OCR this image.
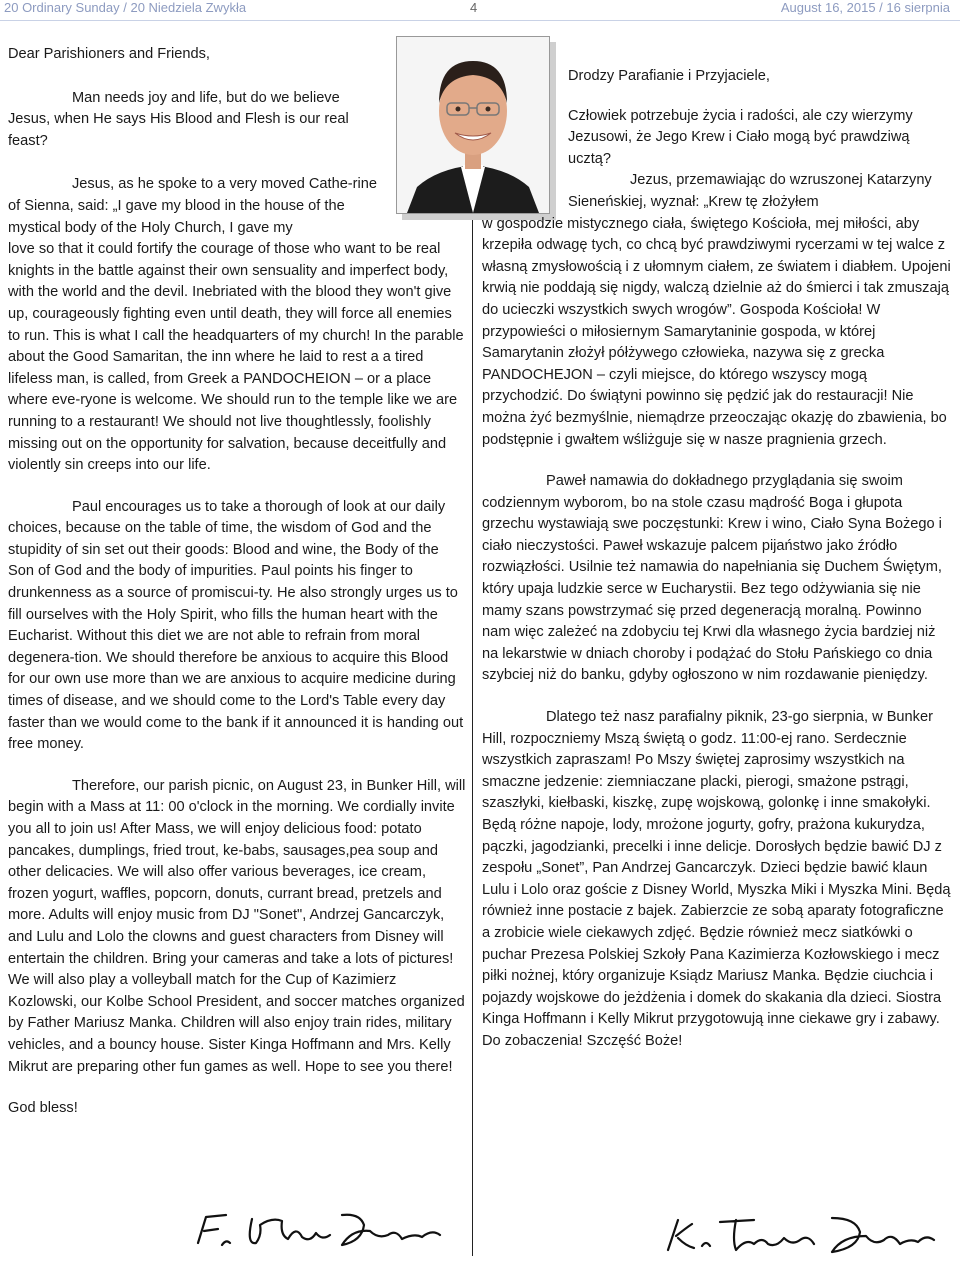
20 Ordinary Sunday / 20 Niedziela Zwykła	4	August 16, 2015 / 16 sierpnia

Dear Parishioners and Friends,

Man needs joy and life, but do we believe Jesus, when He says His Blood and Flesh is our real feast?

Jesus, as he spoke to a very moved Cathe-rine of Sienna, said: „I gave my blood in the house of the mystical body of the Holy Church, I gave my

love so that it could fortify the courage of those who want to be real knights in the battle against their own sensuality and imperfect body, with the world and the devil. Inebriated with the blood they won't give up, courageously fighting even until death, they will force all enemies to run. This is what I call the headquarters of my church! In the parable about the Good Samaritan, the inn where he laid to rest a a tired lifeless man, is called, from Greek a PANDOCHEION – or a place where eve-ryone is welcome. We should run to the temple like we are running to a restaurant! We should not live thoughtlessly, foolishly missing out on the opportunity for salvation, because deceitfully and violently sin creeps into our life.

Paul encourages us to take a thorough of look at our daily choices, because on the table of time, the wisdom of God and the stupidity of sin set out their goods: Blood and wine, the Body of the Son of God and the body of impurities. Paul points his finger to drunkenness as a source of promiscui-ty. He also strongly urges us to fill ourselves with the Holy Spirit, who fills the human heart with the Eucharist. Without this diet we are not able to refrain from moral degenera-tion. We should therefore be anxious to acquire this Blood for our own use more than we are anxious to acquire medicine during times of disease, and we should come to the Lord's Table every day faster than we would come to the bank if it announced it is handing out free money.

Therefore, our parish picnic, on August 23, in Bunker Hill, will begin with a Mass at 11: 00 o'clock in the morning. We cordially invite you all to join us! After Mass, we will enjoy delicious food: potato pancakes, dumplings, fried trout, ke-babs, sausages,pea soup and other delicacies. We will also offer various beverages, ice cream, frozen yogurt, waffles, popcorn, donuts, currant bread, pretzels and more. Adults will enjoy music from DJ "Sonet", Andrzej Gancarczyk, and Lulu and Lolo the clowns and guest characters from Disney will entertain the children. Bring your cameras and take a lots of pictures! We will also play a volleyball match for the Cup of Kazimierz Kozlowski, our Kolbe School President, and soccer matches organized by Father Mariusz Manka. Children will also enjoy train rides, military vehicles, and a bouncy house. Sister Kinga Hoffmann and Mrs. Kelly Mikrut are preparing other fun games as well. Hope to see you there!

God bless!

Drodzy Parafianie i Przyjaciele,

Człowiek potrzebuje życia i radości, ale czy wierzymy Jezusowi, że Jego Krew i Ciało mogą być prawdziwą ucztą?

Jezus, przemawiając do wzruszonej Katarzyny Sieneńskiej, wyznał: „Krew tę złożyłem

w gospodzie mistycznego ciała, świętego Kościoła, mej miłości, aby krzepiła odwagę tych, co chcą być prawdziwymi rycerzami w tej walce z własną zmysłowością i z ułomnym ciałem, ze światem i diabłem. Upojeni krwią nie poddają się nigdy, walczą dzielnie aż do śmierci i tak zmuszają do ucieczki wszystkich swych wrogów”. Gospoda Kościoła! W przypowieści o miłosiernym Samarytaninie gospoda, w której Samarytanin złożył półżywego człowieka, nazywa się z grecka PANDOCHEJON – czyli miejsce, do którego wszyscy mogą przychodzić. Do świątyni powinno się pędzić jak do restauracji! Nie można żyć bezmyślnie, niemądrze przeoczając okazję do zbawienia, bo podstępnie i gwałtem wśliżguje się w nasze pragnienia grzech.

Paweł namawia do dokładnego przyglądania się swoim codziennym wyborom, bo na stole czasu mądrość Boga i głupota grzechu wystawiają swe poczęstunki: Krew i wino, Ciało Syna Bożego i ciało nieczystości. Paweł wskazuje palcem pijaństwo jako źródło rozwiązłości. Usilnie też namawia do napełniania się Duchem Świętym, który upaja ludzkie serce w Eucharystii. Bez tego odżywiania się nie mamy szans powstrzymać się przed degeneracją moralną. Powinno nam więc zależeć na zdobyciu tej Krwi dla własnego życia bardziej niż na lekarstwie w dniach choroby i podążać do Stołu Pańskiego co dnia szybciej niż do banku, gdyby ogłoszono w nim rozdawanie pieniędzy.

Dlatego też nasz parafialny piknik, 23-go sierpnia, w Bunker Hill, rozpoczniemy Mszą świętą o godz. 11:00-ej rano. Serdecznie wszystkich zapraszam! Po Mszy świętej zaprosimy wszystkich na smaczne jedzenie: ziemniaczane placki, pierogi, smażone pstrągi, szaszłyki, kiełbaski, kiszkę, zupę wojskową, golonkę i inne smakołyki. Będą różne napoje, lody, mrożone jogurty, gofry, prażona kukurydza, pączki, jagodzianki, precelki i inne delicje. Dorosłych będzie bawić DJ z zespołu „Sonet”, Pan Andrzej Gancarczyk. Dzieci będzie bawić klaun Lulu i Lolo oraz goście z Disney World, Myszka Miki i Myszka Mini. Będą również inne postacie z bajek. Zabierzcie ze sobą aparaty fotograficzne a zrobicie wiele ciekawych zdjęć. Będzie również mecz siatkówki o puchar Prezesa Polskiej Szkoły Pana Kazimierza Kozłowskiego i mecz piłki nożnej, który organizuje Ksiądz Mariusz Manka. Będzie ciuchcia i pojazdy wojskowe do jeżdżenia i domek do skakania dla dzieci. Siostra Kinga Hoffmann i Kelly Mikrut przygotowują inne ciekawe gry i zabawy. Do zobaczenia! Szczęść Boże!
